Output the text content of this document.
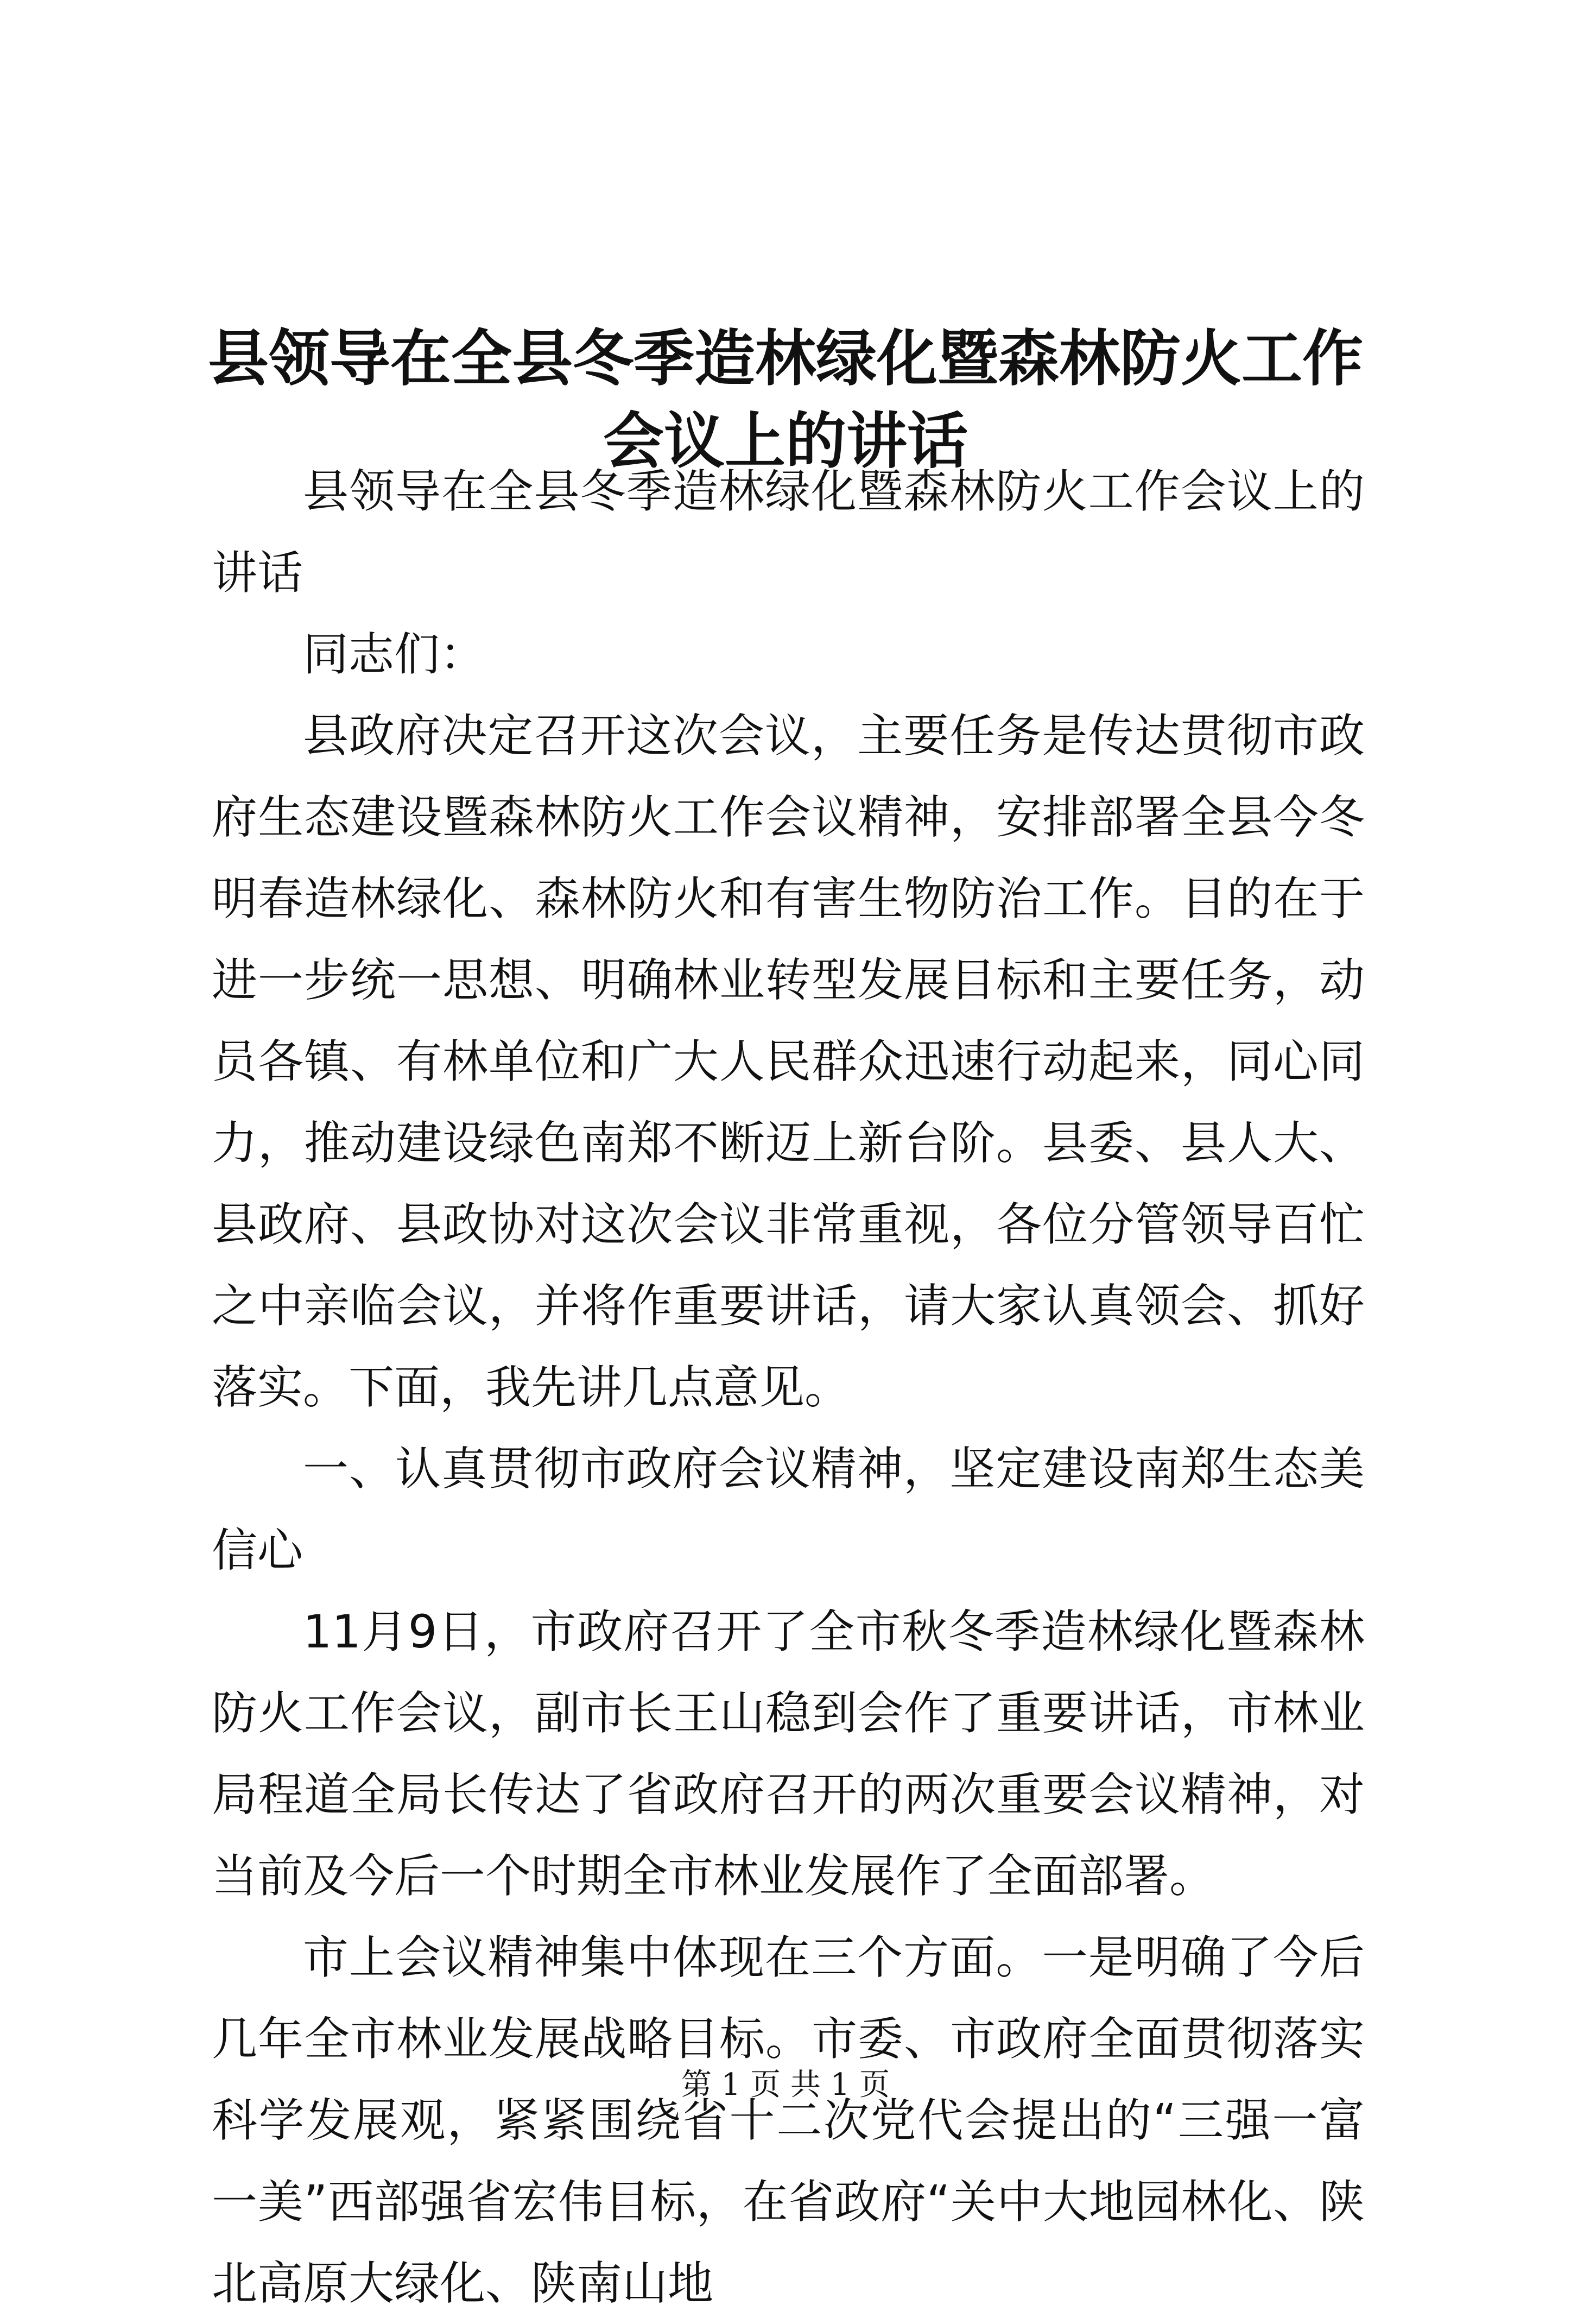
县领导在全县冬季造林绿化暨森林防火工作会议上的讲话

县领导在全县冬季造林绿化暨森林防火工作会议上的讲话

同志们：

县政府决定召开这次会议，主要任务是传达贯彻市政府生态建设暨森林防火工作会议精神，安排部署全县今冬明春造林绿化、森林防火和有害生物防治工作。目的在于进一步统一思想、明确林业转型发展目标和主要任务，动员各镇、有林单位和广大人民群众迅速行动起来，同心同力，推动建设绿色南郑不断迈上新台阶。县委、县人大、县政府、县政协对这次会议非常重视，各位分管领导百忙之中亲临会议，并将作重要讲话，请大家认真领会、抓好落实。下面，我先讲几点意见。

一、认真贯彻市政府会议精神，坚定建设南郑生态美信心

11月9日，市政府召开了全市秋冬季造林绿化暨森林防火工作会议，副市长王山稳到会作了重要讲话，市林业局程道全局长传达了省政府召开的两次重要会议精神，对当前及今后一个时期全市林业发展作了全面部署。

市上会议精神集中体现在三个方面。一是明确了今后几年全市林业发展战略目标。市委、市政府全面贯彻落实科学发展观，紧紧围绕省十二次党代会提出的“三强一富一美”西部强省宏伟目标，在省政府“关中大地园林化、陕北高原大绿化、陕南山地

第 1 页 共 1 页
